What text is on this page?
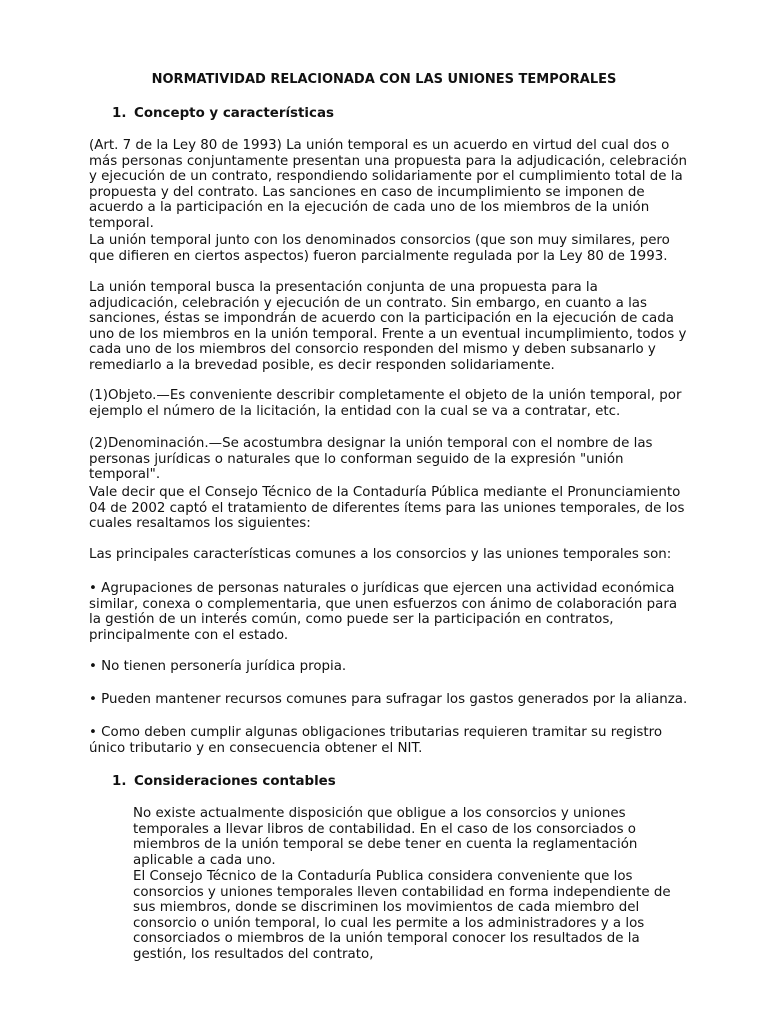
NORMATIVIDAD RELACIONADA CON LAS UNIONES TEMPORALES
1. Concepto y características

(Art. 7 de la Ley 80 de 1993) La unión temporal es un acuerdo en virtud del cual dos o más personas conjuntamente presentan una propuesta para la adjudicación, celebración y ejecución de un contrato, respondiendo solidariamente por el cumplimiento total de la propuesta y del contrato. Las sanciones en caso de incumplimiento se imponen de acuerdo a la participación en la ejecución de cada uno de los miembros de la unión temporal.

La unión temporal junto con los denominados consorcios (que son muy similares, pero que difieren en ciertos aspectos) fueron parcialmente regulada por la Ley 80 de 1993.

La unión temporal busca la presentación conjunta de una propuesta para la adjudicación, celebración y ejecución de un contrato. Sin embargo, en cuanto a las sanciones, éstas se impondrán de acuerdo con la participación en la ejecución de cada uno de los miembros en la unión temporal. Frente a un eventual incumplimiento, todos y cada uno de los miembros del consorcio responden del mismo y deben subsanarlo y remediarlo a la brevedad posible, es decir responden solidariamente.

(1)Objeto.—Es conveniente describir completamente el objeto de la unión temporal, por ejemplo el número de la licitación, la entidad con la cual se va a contratar, etc.

(2)Denominación.—Se acostumbra designar la unión temporal con el nombre de las personas jurídicas o naturales que lo conforman seguido de la expresión "unión temporal".

Vale decir que el Consejo Técnico de la Contaduría Pública mediante el Pronunciamiento 04 de 2002 captó el tratamiento de diferentes ítems para las uniones temporales, de los cuales resaltamos los siguientes:

Las principales características comunes a los consorcios y las uniones temporales son:

• Agrupaciones de personas naturales o jurídicas que ejercen una actividad económica similar, conexa o complementaria, que unen esfuerzos con ánimo de colaboración para la gestión de un interés común, como puede ser la participación en contratos, principalmente con el estado.

• No tienen personería jurídica propia.

• Pueden mantener recursos comunes para sufragar los gastos generados por la alianza.

• Como deben cumplir algunas obligaciones tributarias requieren tramitar su registro único tributario y en consecuencia obtener el NIT.

1. Consideraciones contables

No existe actualmente disposición que obligue a los consorcios y uniones temporales a llevar libros de contabilidad. En el caso de los consorciados o miembros de la unión temporal se debe tener en cuenta la reglamentación aplicable a cada uno.

El Consejo Técnico de la Contaduría Publica considera conveniente que los consorcios y uniones temporales lleven contabilidad en forma independiente de sus miembros, donde se discriminen los movimientos de cada miembro del consorcio o unión temporal, lo cual les permite a los administradores y a los consorciados o miembros de la unión temporal conocer los resultados de la gestión, los resultados del contrato,
